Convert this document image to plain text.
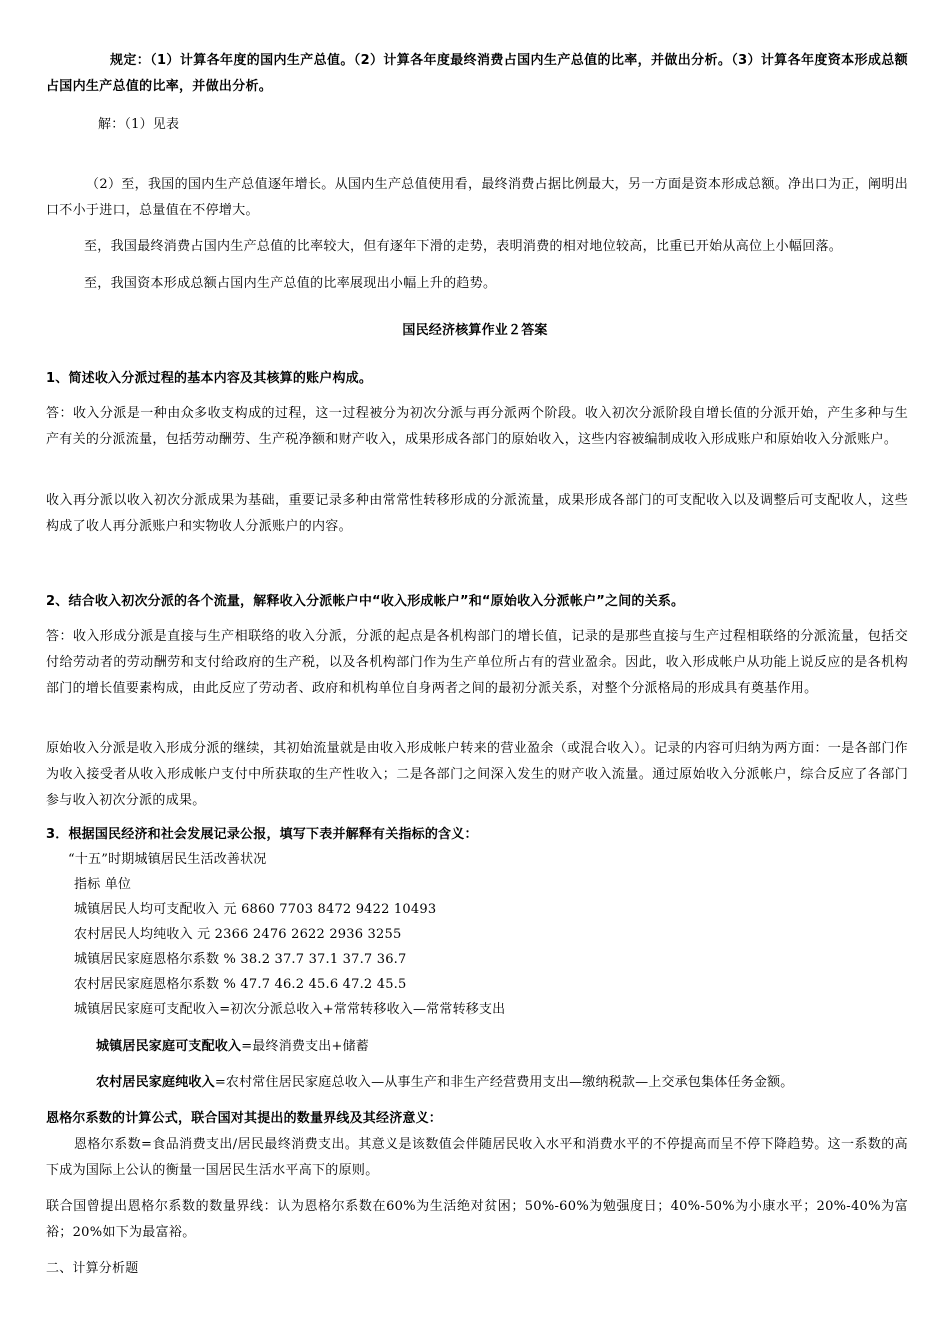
规定：（1）计算各年度的国内生产总值。（2）计算各年度最终消费占国内生产总值的比率，并做出分析。（3）计算各年度资本形成总额占国内生产总值的比率，并做出分析。
解：（1）见表
（2）至，我国的国内生产总值逐年增长。从国内生产总值使用看，最终消费占据比例最大，另一方面是资本形成总额。净出口为正，阐明出口不小于进口，总量值在不停增大。
至，我国最终消费占国内生产总值的比率较大，但有逐年下滑的走势，表明消费的相对地位较高，比重已开始从高位上小幅回落。
至，我国资本形成总额占国内生产总值的比率展现出小幅上升的趋势。
国民经济核算作业２答案
1、简述收入分派过程的基本内容及其核算的账户构成。
答：收入分派是一种由众多收支构成的过程，这一过程被分为初次分派与再分派两个阶段。收入初次分派阶段自增长值的分派开始，产生多种与生产有关的分派流量，包括劳动酬劳、生产税净额和财产收入，成果形成各部门的原始收入，这些内容被编制成收入形成账户和原始收入分派账户。
收入再分派以收入初次分派成果为基础，重要记录多种由常常性转移形成的分派流量，成果形成各部门的可支配收入以及调整后可支配收人，这些构成了收人再分派账户和实物收人分派账户的内容。
2、结合收入初次分派的各个流量，解释收入分派帐户中“收入形成帐户”和“原始收入分派帐户”之间的关系。
答：收入形成分派是直接与生产相联络的收入分派，分派的起点是各机构部门的增长值，记录的是那些直接与生产过程相联络的分派流量，包括交付给劳动者的劳动酬劳和支付给政府的生产税，以及各机构部门作为生产单位所占有的营业盈余。因此，收入形成帐户从功能上说反应的是各机构部门的增长值要素构成，由此反应了劳动者、政府和机构单位自身两者之间的最初分派关系，对整个分派格局的形成具有奠基作用。
原始收入分派是收入形成分派的继续，其初始流量就是由收入形成帐户转来的营业盈余（或混合收入）。记录的内容可归纳为两方面：一是各部门作为收入接受者从收入形成帐户支付中所获取的生产性收入；二是各部门之间深入发生的财产收入流量。通过原始收入分派帐户，综合反应了各部门参与收入初次分派的成果。
3．根据国民经济和社会发展记录公报，填写下表并解释有关指标的含义：
“十五”时期城镇居民生活改善状况
指标 单位
城镇居民人均可支配收入 元 6860 7703 8472 9422 10493
农村居民人均纯收入 元 2366 2476 2622 2936 3255
城镇居民家庭恩格尔系数 % 38.2 37.7 37.1 37.7 36.7
农村居民家庭恩格尔系数 % 47.7 46.2 45.6 47.2 45.5
城镇居民家庭可支配收入=初次分派总收入+常常转移收入—常常转移支出
城镇居民家庭可支配收入=最终消费支出+储蓄
农村居民家庭纯收入=农村常住居民家庭总收入—从事生产和非生产经营费用支出—缴纳税款—上交承包集体任务金额。
恩格尔系数的计算公式，联合国对其提出的数量界线及其经济意义：
恩格尔系数=食品消费支出/居民最终消费支出。其意义是该数值会伴随居民收入水平和消费水平的不停提高而呈不停下降趋势。这一系数的高下成为国际上公认的衡量一国居民生活水平高下的原则。
联合国曾提出恩格尔系数的数量界线：认为恩格尔系数在60%为生活绝对贫困；50%-60%为勉强度日；40%-50%为小康水平；20%-40%为富裕；20%如下为最富裕。
二、计算分析题
